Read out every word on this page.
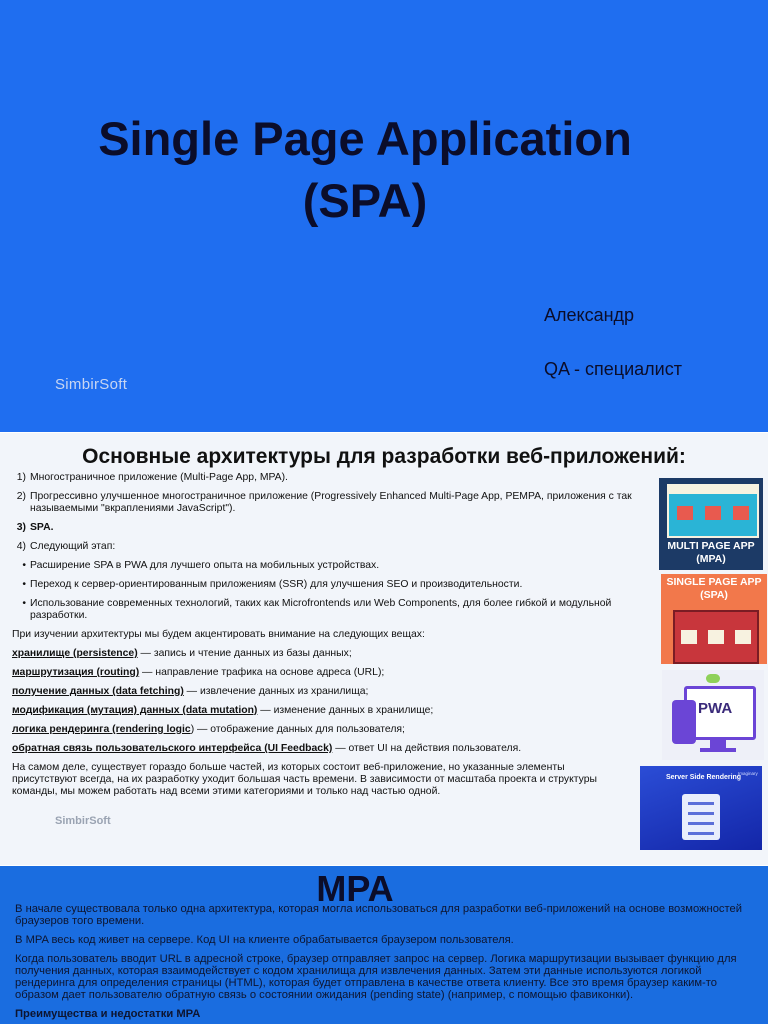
Single Page Application
(SPA)
Александр
QA - специалист
SimbirSoft
Основные архитектуры для разработки веб-приложений:
1) Многостраничное приложение (Multi-Page App, MPA).
2) Прогрессивно улучшенное многостраничное приложение (Progressively Enhanced Multi-Page App, PEMPA, приложения с так называемыми "вкраплениями JavaScript").
3) SPA.
4) Следующий этап:
• Расширение SPA в PWA для лучшего опыта на мобильных устройствах.
• Переход к сервер-ориентированным приложениям (SSR) для улучшения SEO и производительности.
• Использование современных технологий, таких как Microfrontends или Web Components, для более гибкой и модульной разработки.
При изучении архитектуры мы будем акцентировать внимание на следующих вещах:
хранилище (persistence) — запись и чтение данных из базы данных;
маршрутизация (routing) — направление трафика на основе адреса (URL);
получение данных (data fetching) — извлечение данных из хранилища;
модификация (мутация) данных (data mutation) — изменение данных в хранилище;
логика рендеринга (rendering logic) — отображение данных для пользователя;
обратная связь пользовательского интерфейса (UI Feedback) — ответ UI на действия пользователя.
На самом деле, существует гораздо больше частей, из которых состоит веб-приложение, но указанные элементы присутствуют всегда, на их разработку уходит большая часть времени. В зависимости от масштаба проекта и структуры команды, мы можем работать над всеми этими категориями и только над частью одной.
SimbirSoft
MULTI PAGE APP
(MPA)
SINGLE PAGE APP
(SPA)
PWA
Server Side Rendering
Imaginary
MPA
В начале существовала только одна архитектура, которая могла использоваться для разработки веб-приложений на основе возможностей браузеров того времени.
В MPA весь код живет на сервере. Код UI на клиенте обрабатывается браузером пользователя.
Когда пользователь вводит URL в адресной строке, браузер отправляет запрос на сервер. Логика маршрутизации вызывает функцию для получения данных, которая взаимодействует с кодом хранилища для извлечения данных. Затем эти данные используются логикой рендеринга для определения страницы (HTML), которая будет отправлена в качестве ответа клиенту. Все это время браузер каким-то образом дает пользователю обратную связь о состоянии ожидания (pending state) (например, с помощью фавиконки).
Преимущества и недостатки MPA
